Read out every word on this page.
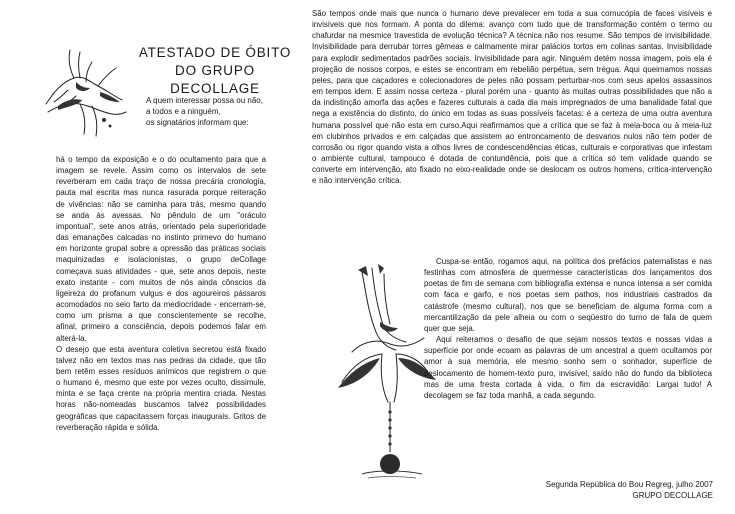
ATESTADO DE ÓBITO
DO GRUPO DECOLLAGE
A quem interessar possa ou não,
a todos e a ninguém,
os signatários informam que:

há o tempo da exposição e o do ocultamento para que a imagem se revele. Assim como os intervalos de sete reverberam em cada traço de nossa precária cronologia, pauta mal escrita mas nunca rasurada porque reiteração de vivências: não se caminha para trás, mesmo quando se anda às avessas. No pêndulo de um "oráculo impontual", sete anos atrás, orientado pela superioridade das emanações calcadas no instinto primevo do humano em horizonte grupal sobre a opressão das práticas sociais maquinizadas e isolacionistas, o grupo deCollage começava suas atividades - que, sete anos depois, neste exato instante - com muitos de nós ainda cônscios da ligeireza do profanum vulgus e dos agoureiros pássaros acomodados no seio farto da mediocridade - encerram-se, como um prisma a que conscientemente se recolhe, afinal, primeiro a consciência, depois podemos falar em alterá-la.

O desejo que esta aventura coletiva secretou está fixado talvez não em textos mas nas pedras da cidade, que tão bem retêm esses resíduos anímicos que registrem o que o humano é, mesmo que este por vezes oculto, dissimule, minta e se faça crente na própria mentira criada. Nestas horas não-nomeadas buscamos talvez possibilidades geográficas que capacitassem forças inaugurais. Gritos de reverberação rápida e sólida.

São tempos onde mais que nunca o humano deve prevalecer em toda a sua cornucópia de faces visíveis e invisíveis que nos formam. A ponta do dilema: avanço com tudo que de transformação contém o termo ou chafurdar na mesmice travestida de evolução técnica? A técnica não nos resume. São tempos de invisibilidade. Invisibilidade para derrubar torres gêmeas e calmamente mirar palácios tortos em colinas santas. Invisibilidade para explodir sedimentados padrões sociais. Invisibilidade para agir. Ninguém detém nossa imagem, pois ela é projeção de nossos corpos, e estes se encontram em rebelião perpétua, sem trégua. Aqui queimamos nossas peles, para que caçadores e colecionadores de peles não possam perturbar-nos com seus apelos assassinos em tempos idem. E assim nossa certeza - plural porém una - quanto às muitas outras possibilidades que não a da indistinção amorfa das ações e fazeres culturais a cada dia mais impregnados de uma banalidade fatal que nega a existência do distinto, do único em todas as suas possíveis facetas: é a certeza de uma outra aventura humana possível que não esta em curso.Aqui reafirmamos que a crítica que se faz à meia-boca ou à meia-luz em clubinhos privados e em calçadas que assistem ao entroncamento de desvarios nulos não tem poder de corrosão ou rigor quando vista a olhos livres de condescendências éticas, culturais e corporativas que infestam o ambiente cultural, tampouco é dotada de contundência, pois que a crítica só tem validade quando se converte em intervenção, ato fixado no eixo-realidade onde se deslocam os outros homens, crítica-intervenção e não intervenção crítica.

Cuspa-se então, rogamos aqui, na política dos prefácios paternalistas e nas festinhas com atmosfera de quermesse características dos lançamentos dos poetas de fim de semana com bibliografia extensa e nunca intensa a ser comida com faca e garfo, e nos poetas sem pathos, nos industriais castrados da catástrofe (mesmo cultural), nos que se beneficiam de alguma forma com a mercantilização da pele alheia ou com o seqüestro do turno de fala de quem quer que seja.

Aqui reiteramos o desafio de que sejam nossos textos e nossas vidas a superfície por onde ecoam as palavras de um ancestral a quem ocultamos por amor à sua memória, ele mesmo sonho sem o sonhador, superfície de deslocamento de homem-texto puro, invisível, saído não do fundo da biblioteca mas de uma fresta cortada à vida, o fim da escravidão: Largai tudo! A decolagem se faz toda manhã, a cada segundo.

Segunda República do Bou Regreg, julho 2007
GRUPO DECOLLAGE
